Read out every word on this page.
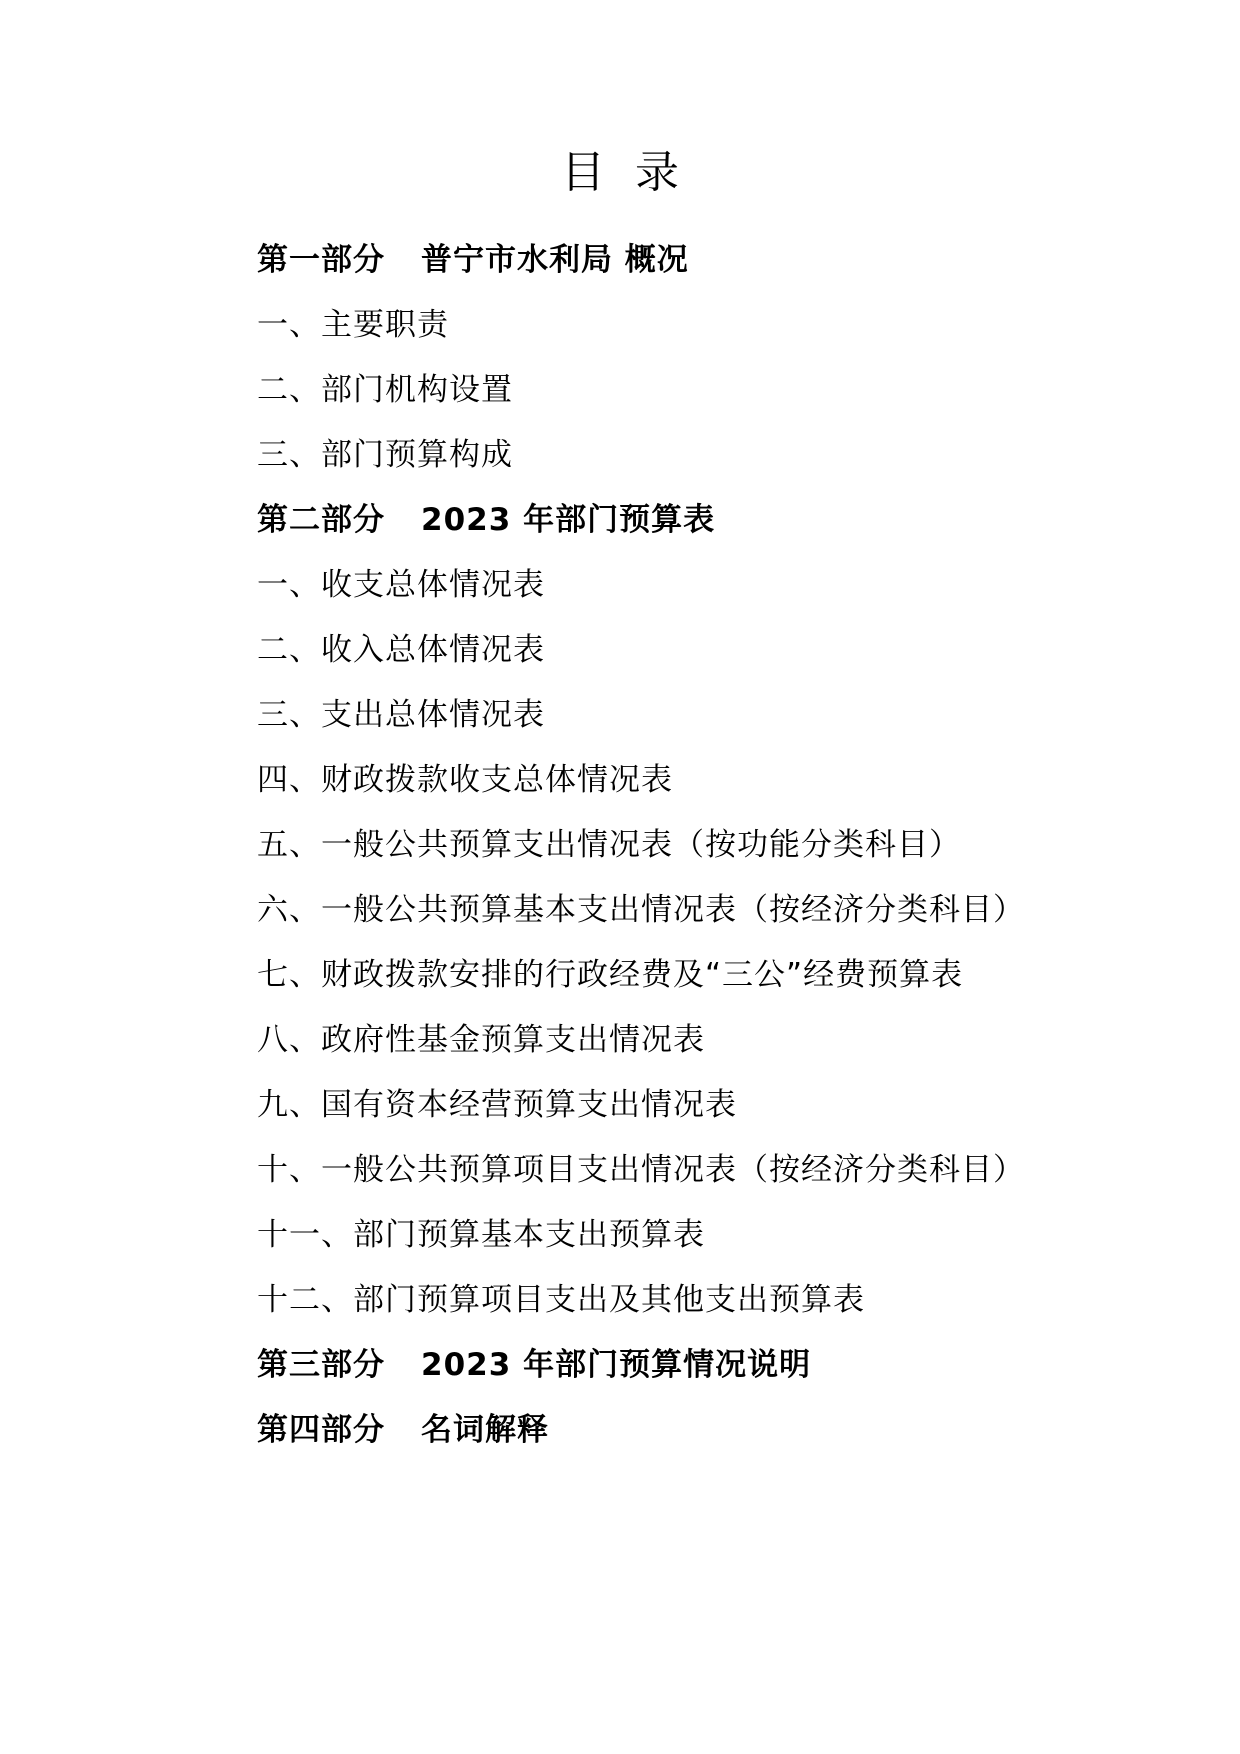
目 录
第一部分	普宁市水利局 概况
一、主要职责
二、部门机构设置
三、部门预算构成
第二部分	2023 年部门预算表
一、收支总体情况表
二、收入总体情况表
三、支出总体情况表
四、财政拨款收支总体情况表
五、一般公共预算支出情况表（按功能分类科目）
六、一般公共预算基本支出情况表（按经济分类科目）
七、财政拨款安排的行政经费及“三公”经费预算表
八、政府性基金预算支出情况表
九、国有资本经营预算支出情况表
十、一般公共预算项目支出情况表（按经济分类科目）
十一、部门预算基本支出预算表
十二、部门预算项目支出及其他支出预算表
第三部分	2023 年部门预算情况说明
第四部分	名词解释
